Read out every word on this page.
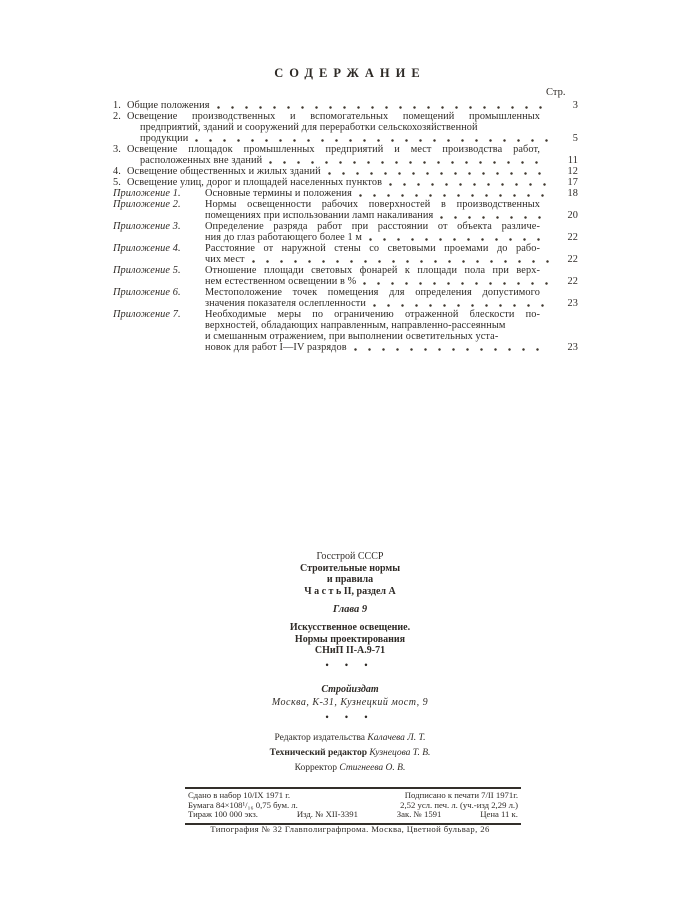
СОДЕРЖАНИЕ
Стр.
1. Общие положения	3
2. Освещение производственных и вспомогательных помещений промышленных
предприятий, зданий и сооружений для переработки сельскохозяйственной
продукции	5
3. Освещение площадок промышленных предприятий и мест производства работ,
расположенных вне зданий	11
4. Освещение общественных и жилых зданий	12
5. Освещение улиц, дорог и площадей населенных пунктов	17
Приложение 1.	Основные термины и положения	18
Приложение 2.	Нормы освещенности рабочих поверхностей в производственных
помещениях при использовании ламп накаливания	20
Приложение 3.	Определение разряда работ при расстоянии от объекта различе-
ния до глаз работающего более 1 м	22
Приложение 4.	Расстояние от наружной стены со световыми проемами до рабо-
чих мест	22
Приложение 5.	Отношение площади световых фонарей к площади пола при верх-
нем естественном освещении в %	22
Приложение 6.	Местоположение точек помещения для определения допустимого
значения показателя ослепленности	23
Приложение 7.	Необходимые меры по ограничению отраженной блескости по-
верхностей, обладающих направленным, направленно-рассеянным
и смешанным отражением, при выполнении осветительных уста-
новок для работ I—IV разрядов	23
Госстрой СССР
Строительные нормы
и правила
Ч а с т ь II, раздел А
Глава 9
Искусственное освещение.
Нормы проектирования
СНиП II-А.9-71
• • •
Стройиздат
Москва, К-31, Кузнецкий мост, 9
• • •
Редактор издательства Калачева Л. Т.
Технический редактор Кузнецова Т. В.
Корректор Стигнеева О. В.
Сдано в набор 10/IX 1971 г.	Подписано к печати 7/II 1971г.
Бумага 84×108¹/₁₆ 0,75 бум. л.	2,52 усл. печ. л. (уч.-изд 2,29 л.)
Тираж 100 000 экз.	Изд. № XII-3391	Зак. № 1591	Цена 11 к.
Типография № 32 Главполиграфпрома. Москва, Цветной бульвар, 26
